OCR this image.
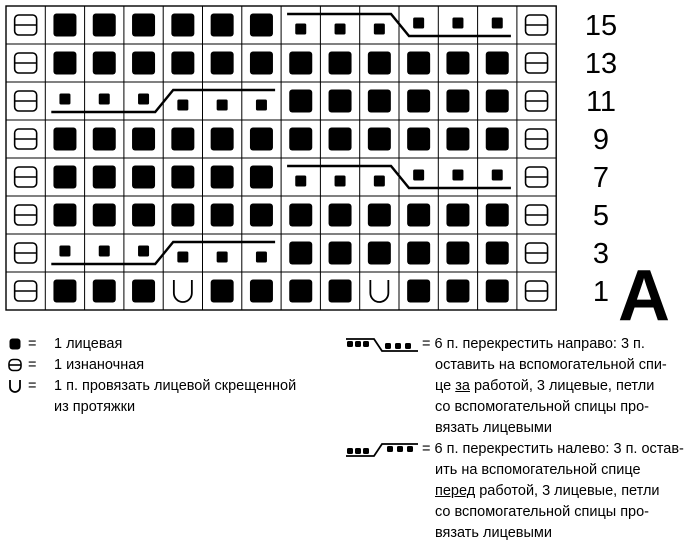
15
13
11
9
7
5
3
1 A
= 1 лицевая
= 1 изнаночная
= 1 п. провязать лицевой скрещенной
из протяжки
= 6 п. перекрестить направо: 3 п.
оставить на вспомогательной спи-
це за работой, 3 лицевые, петли
со вспомогательной спицы про-
вязать лицевыми
= 6 п. перекрестить налево: 3 п. остав-
ить на вспомогательной спице
перед работой, 3 лицевые, петли
со вспомогательной спицы про-
вязать лицевыми
